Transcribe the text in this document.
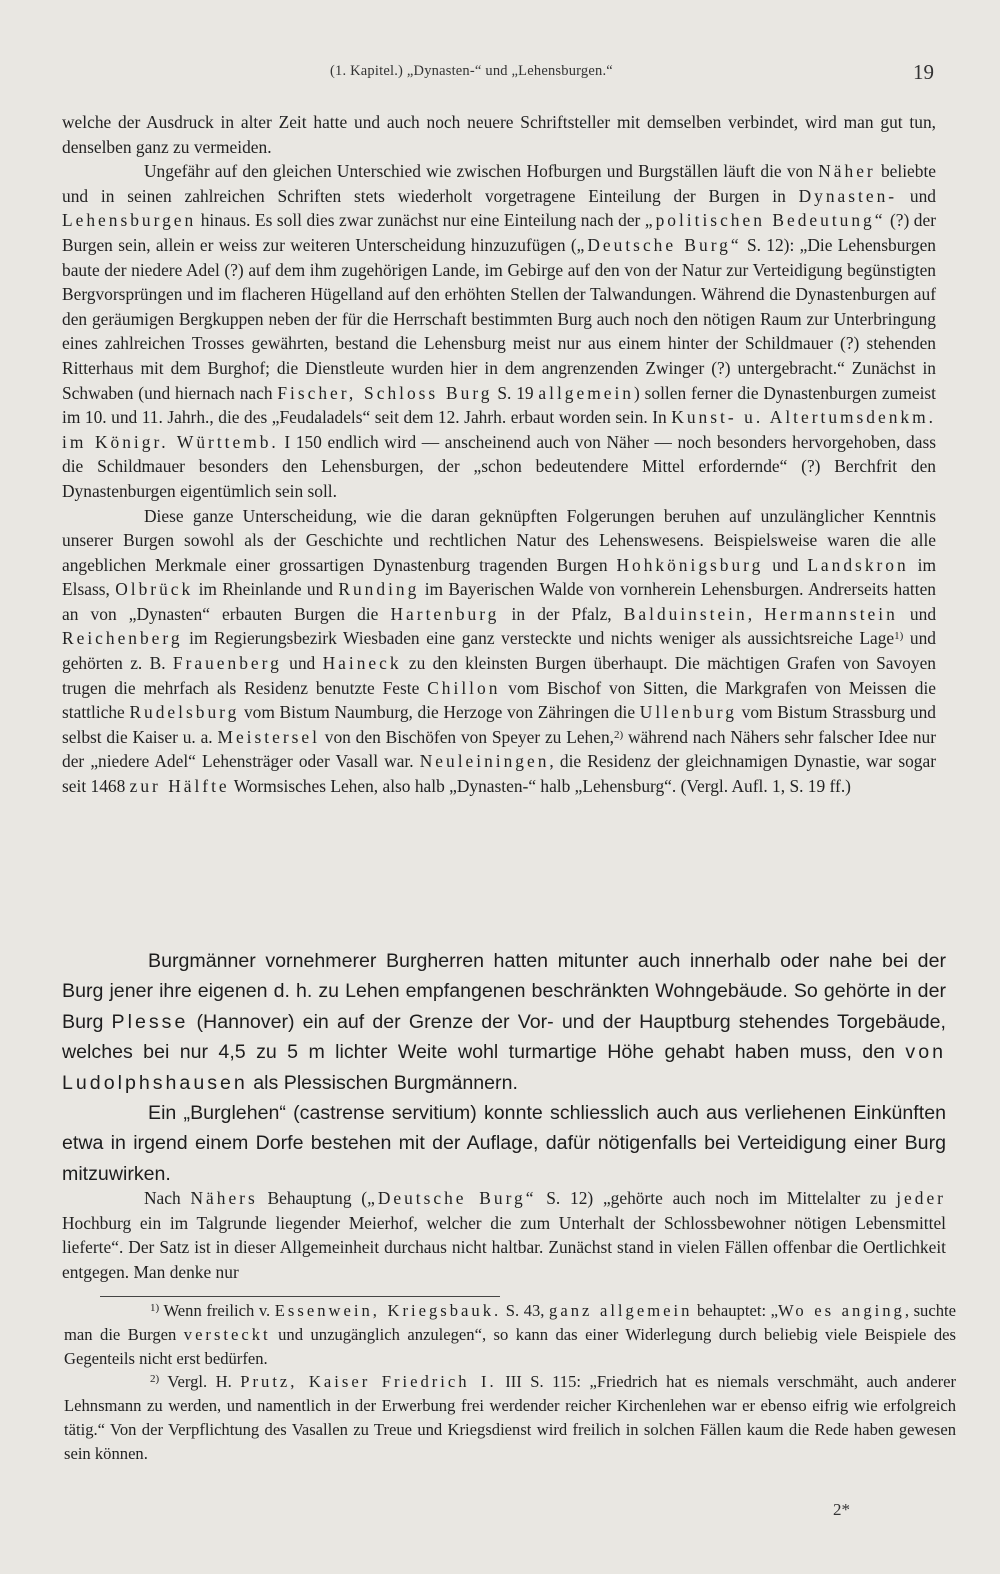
(1. Kapitel.) „Dynasten-“ und „Lehensburgen.“	19

welche der Ausdruck in alter Zeit hatte und auch noch neuere Schriftsteller mit demselben verbindet, wird man gut tun, denselben ganz zu vermeiden.

Ungefähr auf den gleichen Unterschied wie zwischen Hofburgen und Burgställen läuft die von Näher beliebte und in seinen zahlreichen Schriften stets wiederholt vorgetragene Einteilung der Burgen in Dynasten- und Lehensburgen hinaus. Es soll dies zwar zunächst nur eine Einteilung nach der „politischen Bedeutung“ (?) der Burgen sein, allein er weiss zur weiteren Unterscheidung hinzuzufügen („Deutsche Burg“ S. 12): „Die Lehensburgen baute der niedere Adel (?) auf dem ihm zugehörigen Lande, im Gebirge auf den von der Natur zur Verteidigung begünstigten Bergvorsprüngen und im flacheren Hügelland auf den erhöhten Stellen der Talwandungen. Während die Dynastenburgen auf den geräumigen Bergkuppen neben der für die Herrschaft bestimmten Burg auch noch den nötigen Raum zur Unterbringung eines zahlreichen Trosses gewährten, bestand die Lehensburg meist nur aus einem hinter der Schildmauer (?) stehenden Ritterhaus mit dem Burghof; die Dienstleute wurden hier in dem angrenzenden Zwinger (?) untergebracht.“ Zunächst in Schwaben (und hiernach nach Fischer, Schloss Burg S. 19 allgemein) sollen ferner die Dynastenburgen zumeist im 10. und 11. Jahrh., die des „Feudaladels“ seit dem 12. Jahrh. erbaut worden sein. In Kunst- u. Altertumsdenkm. im Königr. Württemb. I 150 endlich wird — anscheinend auch von Näher — noch besonders hervorgehoben, dass die Schildmauer besonders den Lehensburgen, der „schon bedeutendere Mittel erfordernde“ (?) Berchfrit den Dynastenburgen eigentümlich sein soll.

Diese ganze Unterscheidung, wie die daran geknüpften Folgerungen beruhen auf unzulänglicher Kenntnis unserer Burgen sowohl als der Geschichte und rechtlichen Natur des Lehenswesens. Beispielsweise waren die alle angeblichen Merkmale einer grossartigen Dynastenburg tragenden Burgen Hohkönigsburg und Landskron im Elsass, Olbrück im Rheinlande und Runding im Bayerischen Walde von vornherein Lehensburgen. Andrerseits hatten an von „Dynasten“ erbauten Burgen die Hartenburg in der Pfalz, Balduinstein, Hermannstein und Reichenberg im Regierungsbezirk Wiesbaden eine ganz versteckte und nichts weniger als aussichtsreiche Lage$^{1)}$ und gehörten z. B. Frauenberg und Haineck zu den kleinsten Burgen überhaupt. Die mächtigen Grafen von Savoyen trugen die mehrfach als Residenz benutzte Feste Chillon vom Bischof von Sitten, die Markgrafen von Meissen die stattliche Rudelsburg vom Bistum Naumburg, die Herzoge von Zähringen die Ullenburg vom Bistum Strassburg und selbst die Kaiser u. a. Meistersel von den Bischöfen von Speyer zu Lehen,$^{2)}$ während nach Nähers sehr falscher Idee nur der „niedere Adel“ Lehensträger oder Vasall war. Neuleiningen, die Residenz der gleichnamigen Dynastie, war sogar seit 1468 zur Hälfte Wormsisches Lehen, also halb „Dynasten-“ halb „Lehensburg“. (Vergl. Aufl. 1, S. 19 ff.)

Burgmänner vornehmerer Burgherren hatten mitunter auch innerhalb oder nahe bei der Burg jener ihre eigenen d. h. zu Lehen empfangenen beschränkten Wohngebäude. So gehörte in der Burg Plesse (Hannover) ein auf der Grenze der Vor- und der Hauptburg stehendes Torgebäude, welches bei nur 4,5 zu 5 m lichter Weite wohl turmartige Höhe gehabt haben muss, den von Ludolphshausen als Plessischen Burgmännern.

Ein „Burglehen“ (castrense servitium) konnte schliesslich auch aus verliehenen Einkünften etwa in irgend einem Dorfe bestehen mit der Auflage, dafür nötigenfalls bei Verteidigung einer Burg mitzuwirken.

Nach Nähers Behauptung („Deutsche Burg“ S. 12) „gehörte auch noch im Mittelalter zu jeder Hochburg ein im Talgrunde liegender Meierhof, welcher die zum Unterhalt der Schlossbewohner nötigen Lebensmittel lieferte“. Der Satz ist in dieser Allgemeinheit durchaus nicht haltbar. Zunächst stand in vielen Fällen offenbar die Oertlichkeit entgegen. Man denke nur

$^{1)}$ Wenn freilich v. Essenwein, Kriegsbauk. S. 43, ganz allgemein behauptet: „Wo es anging, suchte man die Burgen versteckt und unzugänglich anzulegen“, so kann das einer Widerlegung durch beliebig viele Beispiele des Gegenteils nicht erst bedürfen.

$^{2)}$ Vergl. H. Prutz, Kaiser Friedrich I. III S. 115: „Friedrich hat es niemals verschmäht, auch anderer Lehnsmann zu werden, und namentlich in der Erwerbung frei werdender reicher Kirchenlehen war er ebenso eifrig wie erfolgreich tätig.“ Von der Verpflichtung des Vasallen zu Treue und Kriegsdienst wird freilich in solchen Fällen kaum die Rede haben gewesen sein können.

2*
